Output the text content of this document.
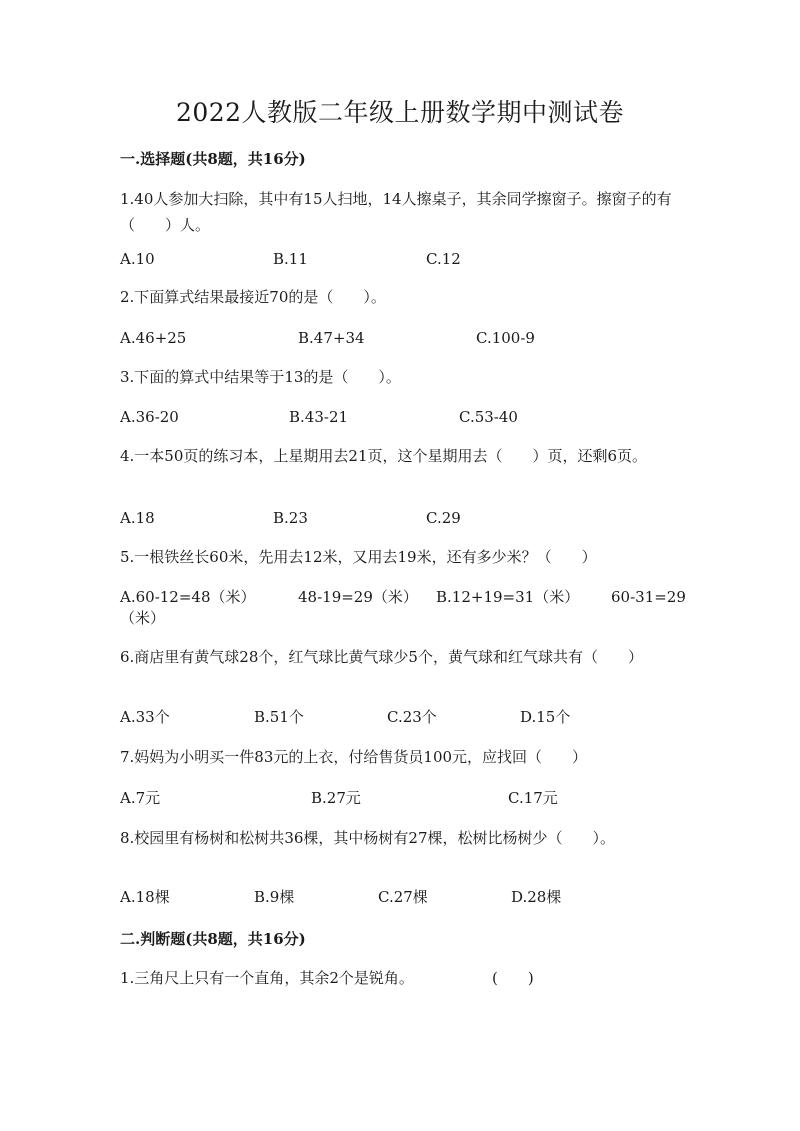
2022人教版二年级上册数学期中测试卷
一.选择题(共8题，共16分)
1.40人参加大扫除，其中有15人扫地，14人擦桌子，其余同学擦窗子。擦窗子的有（　　）人。
A.10	B.11	C.12
2.下面算式结果最接近70的是（　　）。
A.46+25	B.47+34	C.100-9
3.下面的算式中结果等于13的是（　　）。
A.36-20	B.43-21	C.53-40
4.一本50页的练习本，上星期用去21页，这个星期用去（　　）页，还剩6页。
A.18	B.23	C.29
5.一根铁丝长60米，先用去12米，又用去19米，还有多少米？（　　）
A.60-12=48（米）	48-19=29（米） B.12+19=31（米） 60-31=29
（米）
6.商店里有黄气球28个，红气球比黄气球少5个，黄气球和红气球共有（　　）
A.33个	B.51个	C.23个	D.15个
7.妈妈为小明买一件83元的上衣，付给售货员100元，应找回（　　）
A.7元	B.27元	C.17元
8.校园里有杨树和松树共36棵，其中杨树有27棵，松树比杨树少（　　）。
A.18棵	B.9棵	C.27棵	D.28棵
二.判断题(共8题，共16分)
1.三角尺上只有一个直角，其余2个是锐角。	(　　)
